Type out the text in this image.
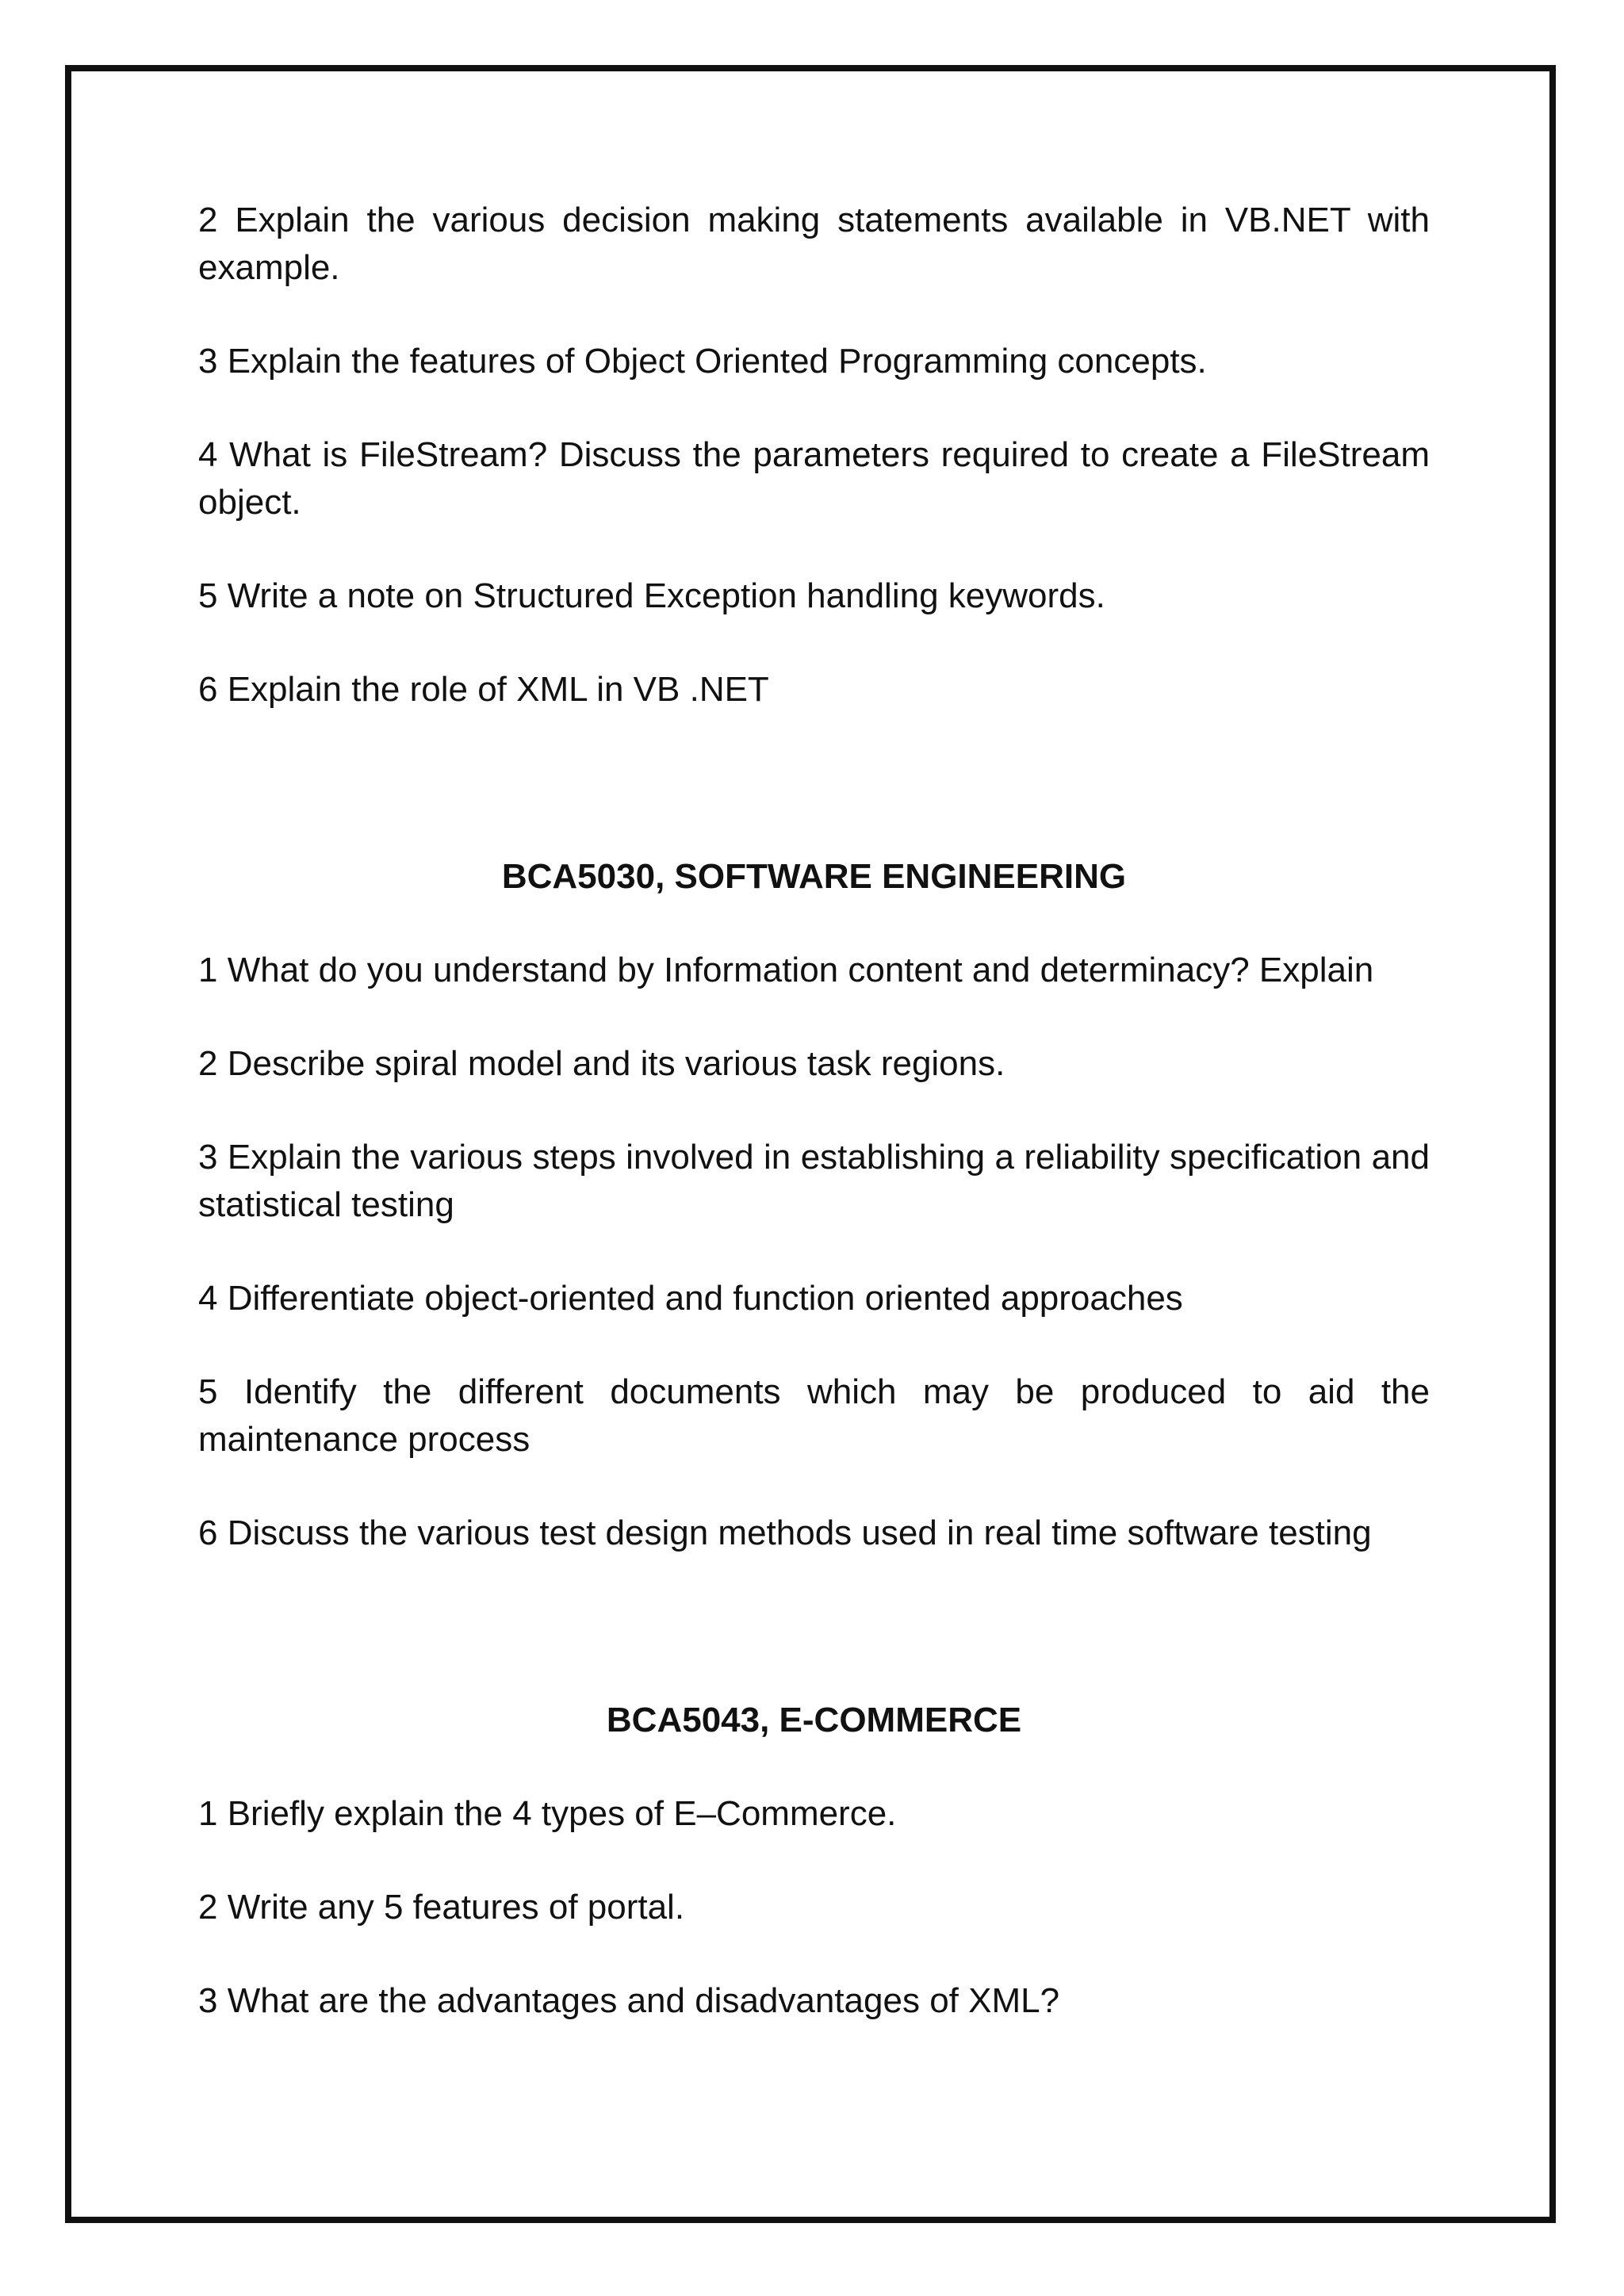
2 Explain the various decision making statements available in VB.NET with example.

3 Explain the features of Object Oriented Programming concepts.

4 What is FileStream? Discuss the parameters required to create a FileStream object.

5 Write a note on Structured Exception handling keywords.

6 Explain the role of XML in VB .NET

BCA5030, SOFTWARE ENGINEERING

1 What do you understand by Information content and determinacy? Explain

2 Describe spiral model and its various task regions.

3 Explain the various steps involved in establishing a reliability specification and statistical testing

4 Differentiate object-oriented and function oriented approaches

5 Identify the different documents which may be produced to aid the maintenance process

6 Discuss the various test design methods used in real time software testing

BCA5043, E-COMMERCE

1 Briefly explain the 4 types of E–Commerce.

2 Write any 5 features of portal.

3 What are the advantages and disadvantages of XML?
